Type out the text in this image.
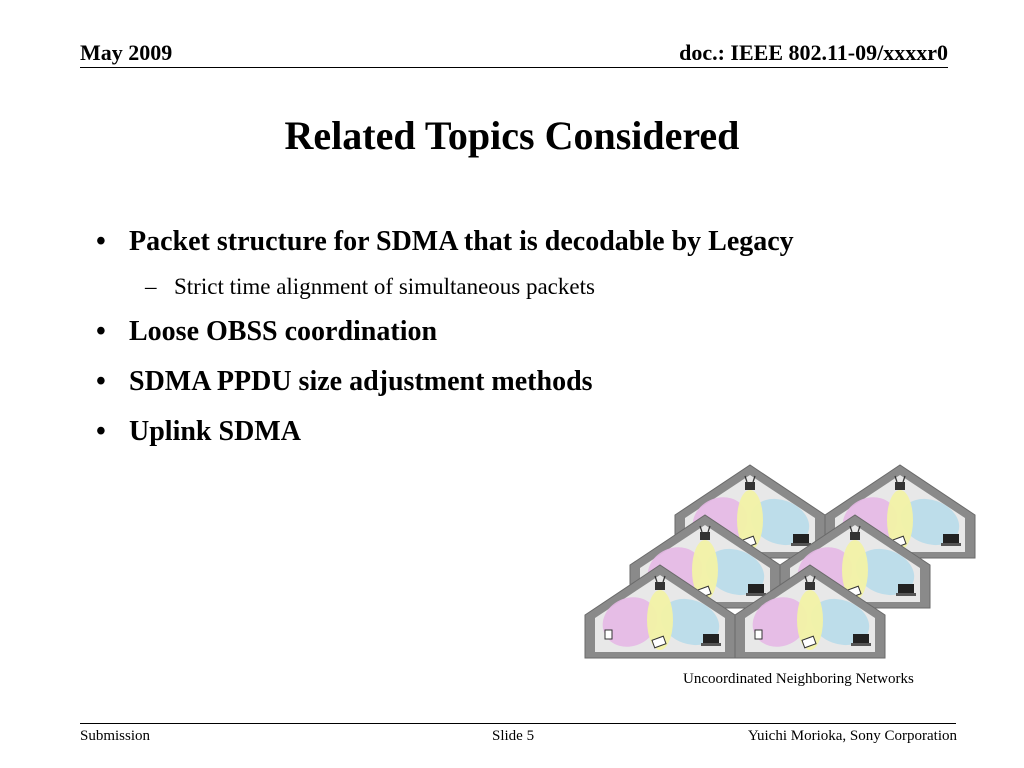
May 2009	doc.: IEEE 802.11-09/xxxxr0
Related Topics Considered
• Packet structure for SDMA that is decodable by Legacy
– Strict time alignment of simultaneous packets
• Loose OBSS coordination
• SDMA PPDU size adjustment methods
• Uplink SDMA
Uncoordinated Neighboring Networks
Submission	Slide 5	Yuichi Morioka, Sony Corporation
